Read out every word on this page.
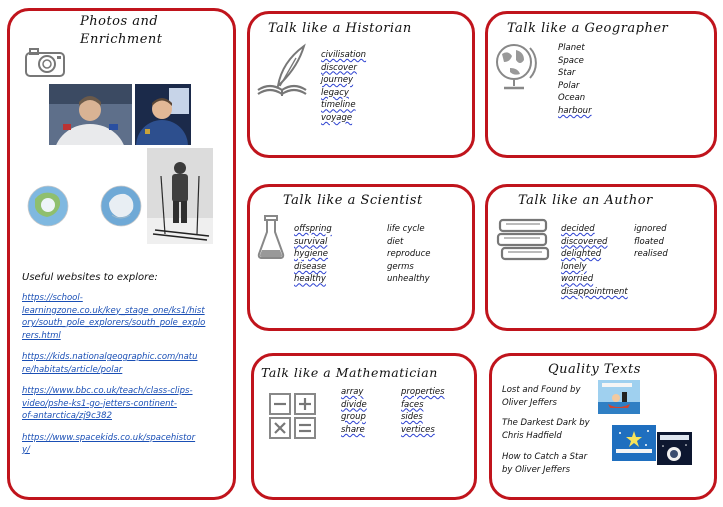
Photos and
Enrichment
Useful websites to explore:
https://school-
learningzone.co.uk/key_stage_one/ks1/hist
ory/south_pole_explorers/south_pole_explo
rers.html
https://kids.nationalgeographic.com/natu
re/habitats/article/polar
https://www.bbc.co.uk/teach/class-clips-
video/pshe-ks1-go-jetters-continent-
of-antarctica/zj9c382
https://www.spacekids.co.uk/spacehistor
y/
Talk like a Historian
civilisation
discover
journey
legacy
timeline
voyage
Talk like a Geographer
Planet
Space
Star
Polar
Ocean
harbour
Talk like a Scientist
offspring
survival
hygiene
disease
healthy
life cycle
diet
reproduce
germs
unhealthy
Talk like an Author
decided
discovered
delighted
lonely
worried
disappointment
ignored
floated
realised
Talk like a Mathematician
array
divide
group
share
properties
faces
sides
vertices
Quality Texts
Lost and Found by
Oliver Jeffers
The Darkest Dark by
Chris Hadfield
How to Catch a Star
by Oliver Jeffers
